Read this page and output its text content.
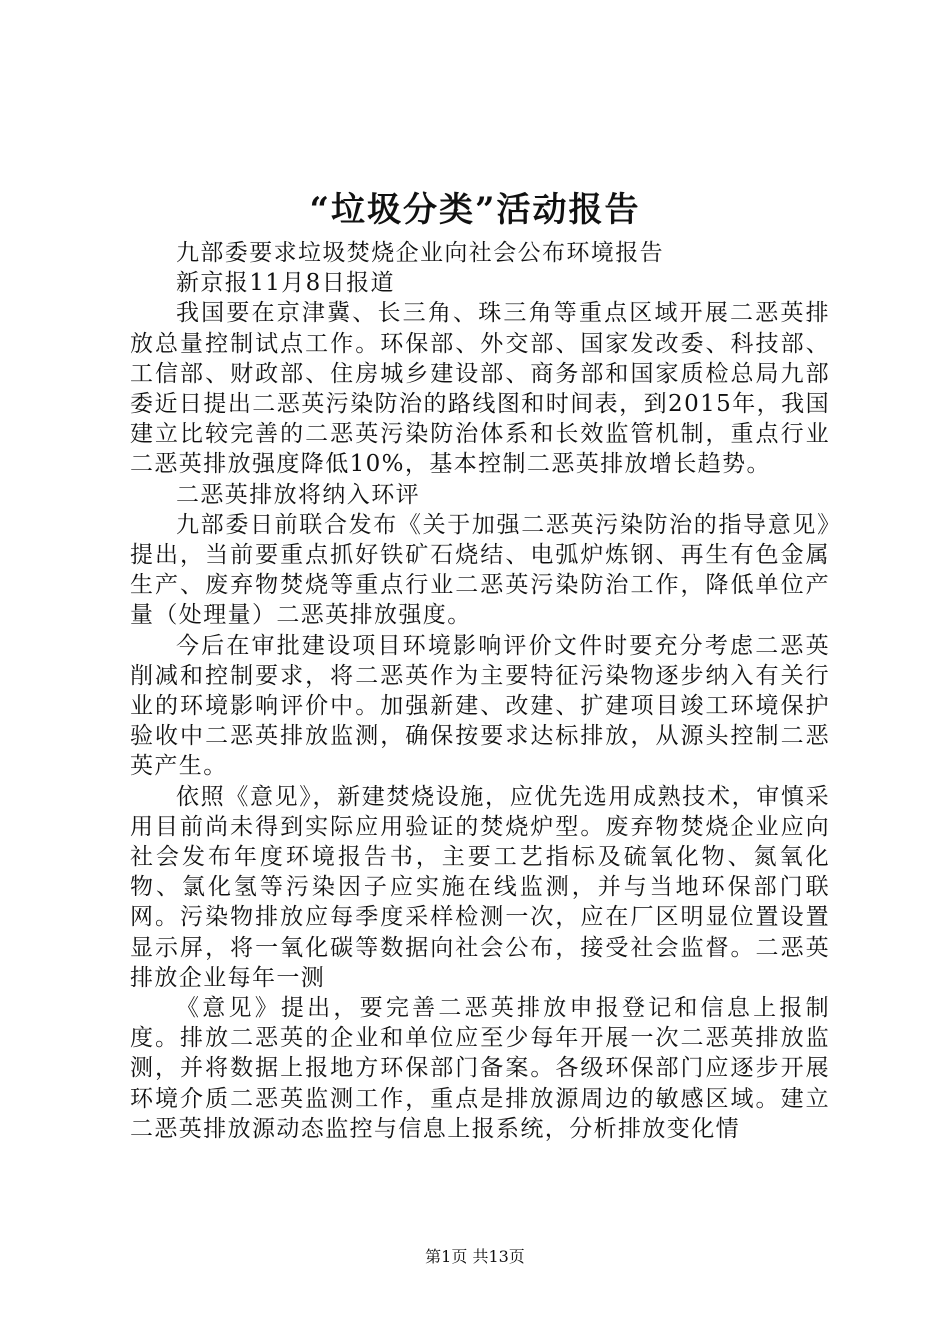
“垃圾分类”活动报告

九部委要求垃圾焚烧企业向社会公布环境报告

新京报11月8日报道

我国要在京津冀、长三角、珠三角等重点区域开展二恶英排放总量控制试点工作。环保部、外交部、国家发改委、科技部、工信部、财政部、住房城乡建设部、商务部和国家质检总局九部委近日提出二恶英污染防治的路线图和时间表，到2015年，我国建立比较完善的二恶英污染防治体系和长效监管机制，重点行业二恶英排放强度降低10%，基本控制二恶英排放增长趋势。

二恶英排放将纳入环评

九部委日前联合发布《关于加强二恶英污染防治的指导意见》提出，当前要重点抓好铁矿石烧结、电弧炉炼钢、再生有色金属生产、废弃物焚烧等重点行业二恶英污染防治工作，降低单位产量（处理量）二恶英排放强度。

今后在审批建设项目环境影响评价文件时要充分考虑二恶英削减和控制要求，将二恶英作为主要特征污染物逐步纳入有关行业的环境影响评价中。加强新建、改建、扩建项目竣工环境保护验收中二恶英排放监测，确保按要求达标排放，从源头控制二恶英产生。

依照《意见》，新建焚烧设施，应优先选用成熟技术，审慎采用目前尚未得到实际应用验证的焚烧炉型。废弃物焚烧企业应向社会发布年度环境报告书，主要工艺指标及硫氧化物、氮氧化物、氯化氢等污染因子应实施在线监测，并与当地环保部门联网。污染物排放应每季度采样检测一次，应在厂区明显位置设置显示屏，将一氧化碳等数据向社会公布，接受社会监督。二恶英排放企业每年一测

《意见》提出，要完善二恶英排放申报登记和信息上报制度。排放二恶英的企业和单位应至少每年开展一次二恶英排放监测，并将数据上报地方环保部门备案。各级环保部门应逐步开展环境介质二恶英监测工作，重点是排放源周边的敏感区域。建立二恶英排放源动态监控与信息上报系统，分析排放变化情

第1页 共13页
